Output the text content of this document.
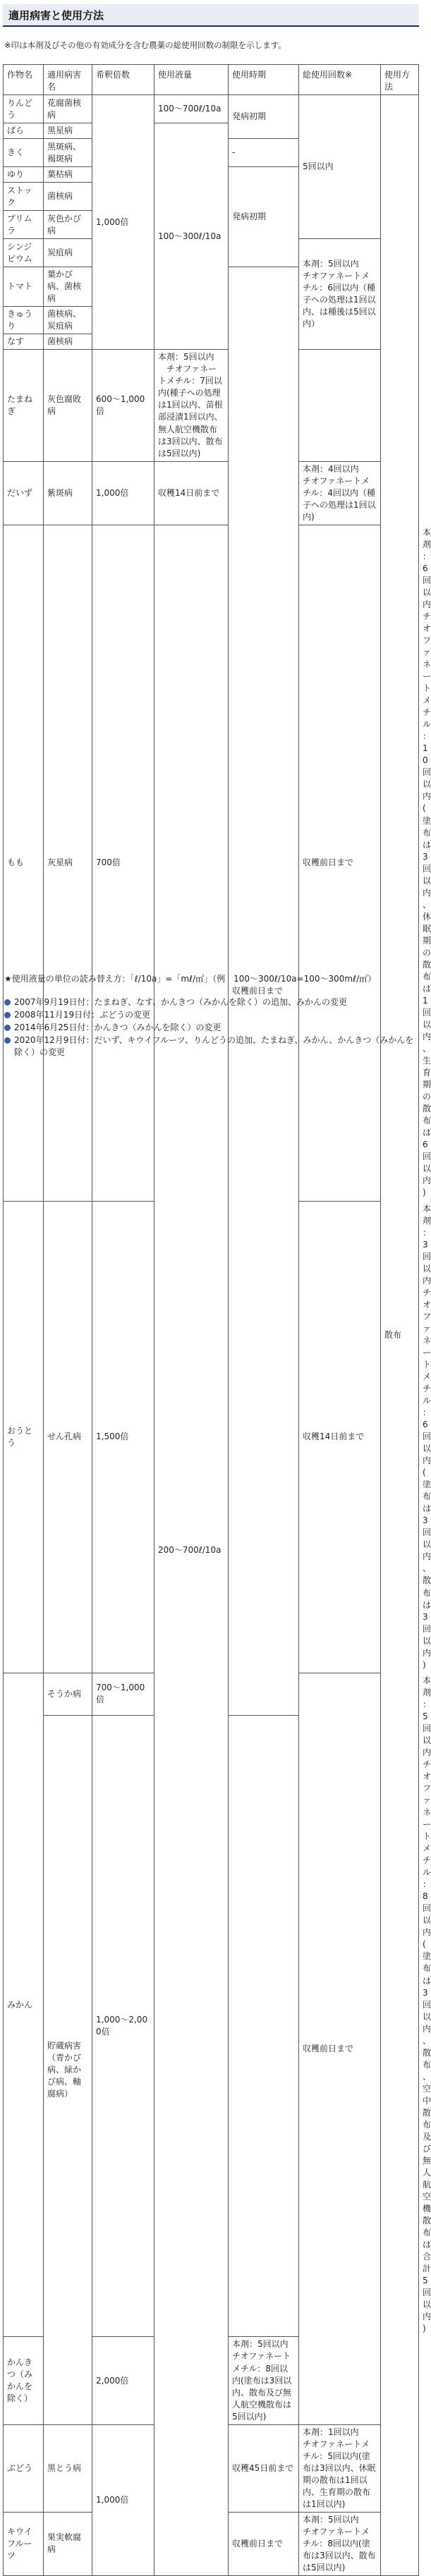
適用病害と使用方法
※印は本剤及びその他の有効成分を含む農薬の総使用回数の制限を示します。
作物名	適用病害名	希釈倍数	使用液量	使用時期	総使用回数※	使用方法	
りんどう	花腐菌核病	1,000倍	100～700ℓ/10a	発病初期	5回以内	散布	
ばら	黒星病		100～300ℓ/10a				
きく	黒斑病、褐斑病			-			
ゆり	葉枯病			発病初期			
ストック	菌核病						
プリムラ	灰色かび病						
シンジビウム	炭疽病				本剤：5回以内
チオファネートメチル：6回以内（種子への処理は1回以内、は種後は5回以内）		
トマト	葉かび病、菌核病			収穫前日まで			
きゅうり	菌核病、炭疽病						
なす	菌核病						
たまねぎ	灰色腐敗病	600～1,000倍	本剤：5回以内
　チオファネートメチル：7回以内(種子への処理は1回以内、苗根部浸漬1回以内、無人航空機散布は3回以内、散布は5回以内)				
だいず	紫斑病	1,000倍	収穫14日前まで		本剤：4回以内
チオファネートメチル：4回以内（種子への処理は1回以内)		
もも	灰星病	700倍	200～700ℓ/10a		収穫前日まで		本剤：6回以内
チオファネートメチル：10回以内(塗布は3回以内、休眠期の散布は1回以内、生育期の散布は6回以内)
おうとう	せん孔病	1,500倍			収穫14日前まで		本剤：3回以内
チオファネートメチル：6回以内(塗布は3回以内、散布は3回以内)
みかん	そうか病	700～1,000倍			収穫前日まで		本剤：5回以内
チオファネートメチル：8回以内(塗布は3回以内、散布、空中散布及び無人航空機散布は合計5回以内)
	貯蔵病害（青かび病、緑かび病、軸腐病）	1,000～2,000倍					
かんきつ（みかんを除く）		2,000倍		本剤：5回以内
チオファネートメチル：8回以内(塗布は3回以内、散布及び無人航空機散布は5回以内)			
ぶどう	黒とう病	1,000倍		収穫45日前まで	本剤：1回以内
チオファネートメチル：5回以内(塗布は3回以内、休眠期の散布は1回以内、生育期の散布は1回以内)		
キウイフルーツ	果実軟腐病			収穫前日まで	本剤：5回以内
チオファネートメチル：8回以内(塗布は3回以内、散布は5回以内)		
★使用液量の単位の読み替え方：「ℓ/10a」=「mℓ/㎡」（例　100～300ℓ/10a=100～300mℓ/㎡）
2007年9月19日付：たまねぎ、なす、かんきつ（みかんを除く）の追加、みかんの変更
2008年11月19日付：ぶどうの変更
2014年6月25日付：かんきつ（みかんを除く）の変更
2020年12月9日付：だいず、キウイフルーツ、りんどうの追加、たまねぎ、みかん、かんきつ（みかんを除く）の変更
